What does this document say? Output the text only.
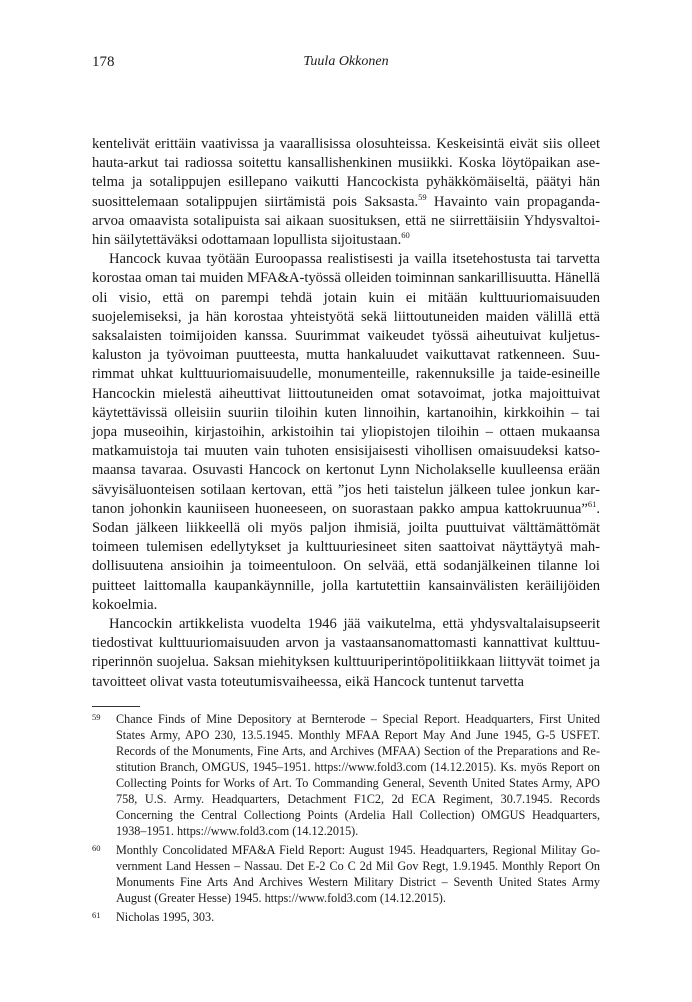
178	Tuula Okkonen

kentelivät erittäin vaativissa ja vaarallisissa olosuhteissa. Keskeisintä eivät siis olleet hauta-arkut tai radiossa soitettu kansallishenkinen musiikki. Koska löytöpaikan asetelma ja sotalippujen esillepano vaikutti Hancockista pyhäkkömäiseltä, päätyi hän suosittelemaan sotalippujen siirtämistä pois Saksasta.$^{59}$ Havainto vain propagandaarvoa omaavista sotalipuista sai aikaan suosituksen, että ne siirrettäisiin Yhdysvaltoihin säilytettäväksi odottamaan lopullista sijoitustaan.$^{60}$

Hancock kuvaa työtään Euroopassa realistisesti ja vailla itsetehostusta tai tarvetta korostaa oman tai muiden MFA&A-työssä olleiden toiminnan sankarillisuutta. Hänellä oli visio, että on parempi tehdä jotain kuin ei mitään kulttuuriomaisuuden suojelemiseksi, ja hän korostaa yhteistyötä sekä liittoutuneiden maiden välillä että saksalaisten toimijoiden kanssa. Suurimmat vaikeudet työssä aiheutuivat kuljetuskaluston ja työvoiman puutteesta, mutta hankaluudet vaikuttavat ratkenneen. Suurimmat uhkat kulttuuriomaisuudelle, monumenteille, rakennuksille ja taide-esineille Hancockin mielestä aiheuttivat liittoutuneiden omat sotavoimat, jotka majoittuivat käytettävissä olleisiin suuriin tiloihin kuten linnoihin, kartanoihin, kirkkoihin – tai jopa museoihin, kirjastoihin, arkistoihin tai yliopistojen tiloihin – ottaen mukaansa matkamuistoja tai muuten vain tuhoten ensisijaisesti vihollisen omaisuudeksi katsomaansa tavaraa. Osuvasti Hancock on kertonut Lynn Nicholakselle kuulleensa erään sävyisäluonteisen sotilaan kertovan, että ”jos heti taistelun jälkeen tulee jonkun kartanon johonkin kauniiseen huoneeseen, on suorastaan pakko ampua kattokruunua”$^{61}$. Sodan jälkeen liikkeellä oli myös paljon ihmisiä, joilta puuttuivat välttämättömät toimeen tulemisen edellytykset ja kulttuuriesineet siten saattoivat näyttäytyä mahdollisuutena ansioihin ja toimeentuloon. On selvää, että sodanjälkeinen tilanne loi puitteet laittomalla kaupankäynnille, jolla kartutettiin kansainvälisten keräilijöiden kokoelmia.

Hancockin artikkelista vuodelta 1946 jää vaikutelma, että yhdysvaltalaisupseerit tiedostivat kulttuuriomaisuuden arvon ja vastaansanomattomasti kannattivat kulttuuriperinnön suojelua. Saksan miehityksen kulttuuriperintöpolitiikkaan liittyvät toimet ja tavoitteet olivat vasta toteutumisvaiheessa, eikä Hancock tuntenut tarvetta

59 Chance Finds of Mine Depository at Bernterode – Special Report. Headquarters, First United States Army, APO 230, 13.5.1945. Monthly MFAA Report May And June 1945, G-5 USFET. Records of the Monuments, Fine Arts, and Archives (MFAA) Section of the Preparations and Restitution Branch, OMGUS, 1945–1951. https://www.fold3.com (14.12.2015). Ks. myös Report on Collecting Points for Works of Art. To Commanding General, Seventh United States Army, APO 758, U.S. Army. Headquarters, Detachment F1C2, 2d ECA Regiment, 30.7.1945. Records Concerning the Central Collectiong Points (Ardelia Hall Collection) OMGUS Headquarters, 1938–1951. https://www.fold3.com (14.12.2015).

60 Monthly Concolidated MFA&A Field Report: August 1945. Headquarters, Regional Militay Government Land Hessen – Nassau. Det E-2 Co C 2d Mil Gov Regt, 1.9.1945. Monthly Report On Monuments Fine Arts And Archives Western Military District – Seventh United States Army August (Greater Hesse) 1945. https://www.fold3.com (14.12.2015).

61 Nicholas 1995, 303.
